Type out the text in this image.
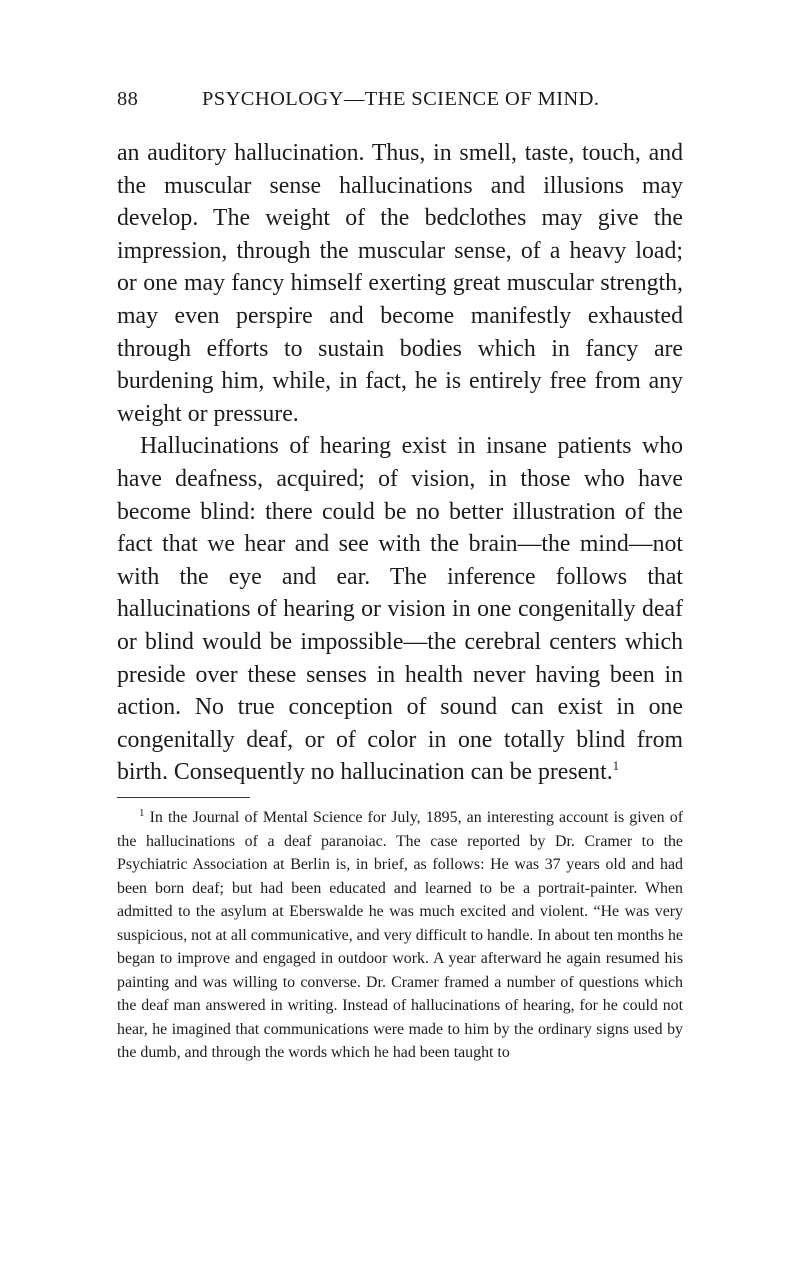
88	PSYCHOLOGY—THE SCIENCE OF MIND.

an auditory hallucination. Thus, in smell, taste, touch, and the muscular sense hallucinations and illusions may develop. The weight of the bedclothes may give the impression, through the muscular sense, of a heavy load; or one may fancy himself exerting great muscular strength, may even perspire and become manifestly exhausted through efforts to sustain bodies which in fancy are burdening him, while, in fact, he is entirely free from any weight or pressure.

Hallucinations of hearing exist in insane patients who have deafness, acquired; of vision, in those who have become blind: there could be no better illustration of the fact that we hear and see with the brain—the mind—not with the eye and ear. The inference follows that hallucinations of hearing or vision in one congenitally deaf or blind would be impossible—the cerebral centers which preside over these senses in health never having been in action. No true conception of sound can exist in one congenitally deaf, or of color in one totally blind from birth. Consequently no hallucination can be present.$^1$

$^1$ In the Journal of Mental Science for July, 1895, an interesting account is given of the hallucinations of a deaf paranoiac. The case reported by Dr. Cramer to the Psychiatric Association at Berlin is, in brief, as follows: He was 37 years old and had been born deaf; but had been educated and learned to be a portrait-painter. When admitted to the asylum at Eberswalde he was much excited and violent. “He was very suspicious, not at all communicative, and very difficult to handle. In about ten months he began to improve and engaged in outdoor work. A year afterward he again resumed his painting and was willing to converse. Dr. Cramer framed a number of questions which the deaf man answered in writing. Instead of hallucinations of hearing, for he could not hear, he imagined that communications were made to him by the ordinary signs used by the dumb, and through the words which he had been taught to
